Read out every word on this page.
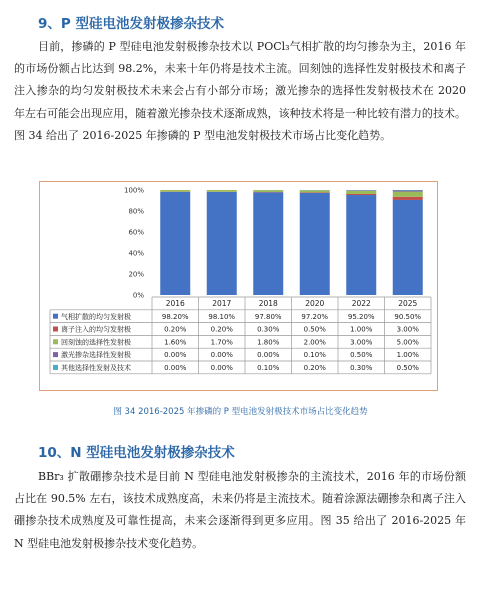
9、P 型硅电池发射极掺杂技术

目前，掺磷的 P 型硅电池发射极掺杂技术以 POCl₃气相扩散的均匀掺杂为主，2016 年的市场份额占比达到 98.2%，未来十年仍将是技术主流。回刻蚀的选择性发射极技术和离子注入掺杂的均匀发射极技术未来会占有小部分市场；激光掺杂的选择性发射极技术在 2020 年左右可能会出现应用，随着激光掺杂技术逐渐成熟，该种技术将是一种比较有潜力的技术。图 34 给出了 2016-2025 年掺磷的 P 型电池发射极技术市场占比变化趋势。

0%
20%
40%
60%
80%
100%
2016	2017	2018	2020	2022	2025
气相扩散的均匀发射极	98.20%	98.10%	97.80%	97.20%	95.20%	90.50%
离子注入的均匀发射极	0.20%	0.20%	0.30%	0.50%	1.00%	3.00%
回刻蚀的选择性发射极	1.60%	1.70%	1.80%	2.00%	3.00%	5.00%
激光掺杂选择性发射极	0.00%	0.00%	0.00%	0.10%	0.50%	1.00%
其他选择性发射及技术	0.00%	0.00%	0.10%	0.20%	0.30%	0.50%
图 34 2016-2025 年掺磷的 P 型电池发射极技术市场占比变化趋势
10、N 型硅电池发射极掺杂技术

BBr₃ 扩散硼掺杂技术是目前 N 型硅电池发射极掺杂的主流技术，2016 年的市场份额占比在 90.5% 左右，该技术成熟度高，未来仍将是主流技术。随着涂源法硼掺杂和离子注入硼掺杂技术成熟度及可靠性提高，未来会逐渐得到更多应用。图 35 给出了 2016-2025 年 N 型硅电池发射极掺杂技术变化趋势。
